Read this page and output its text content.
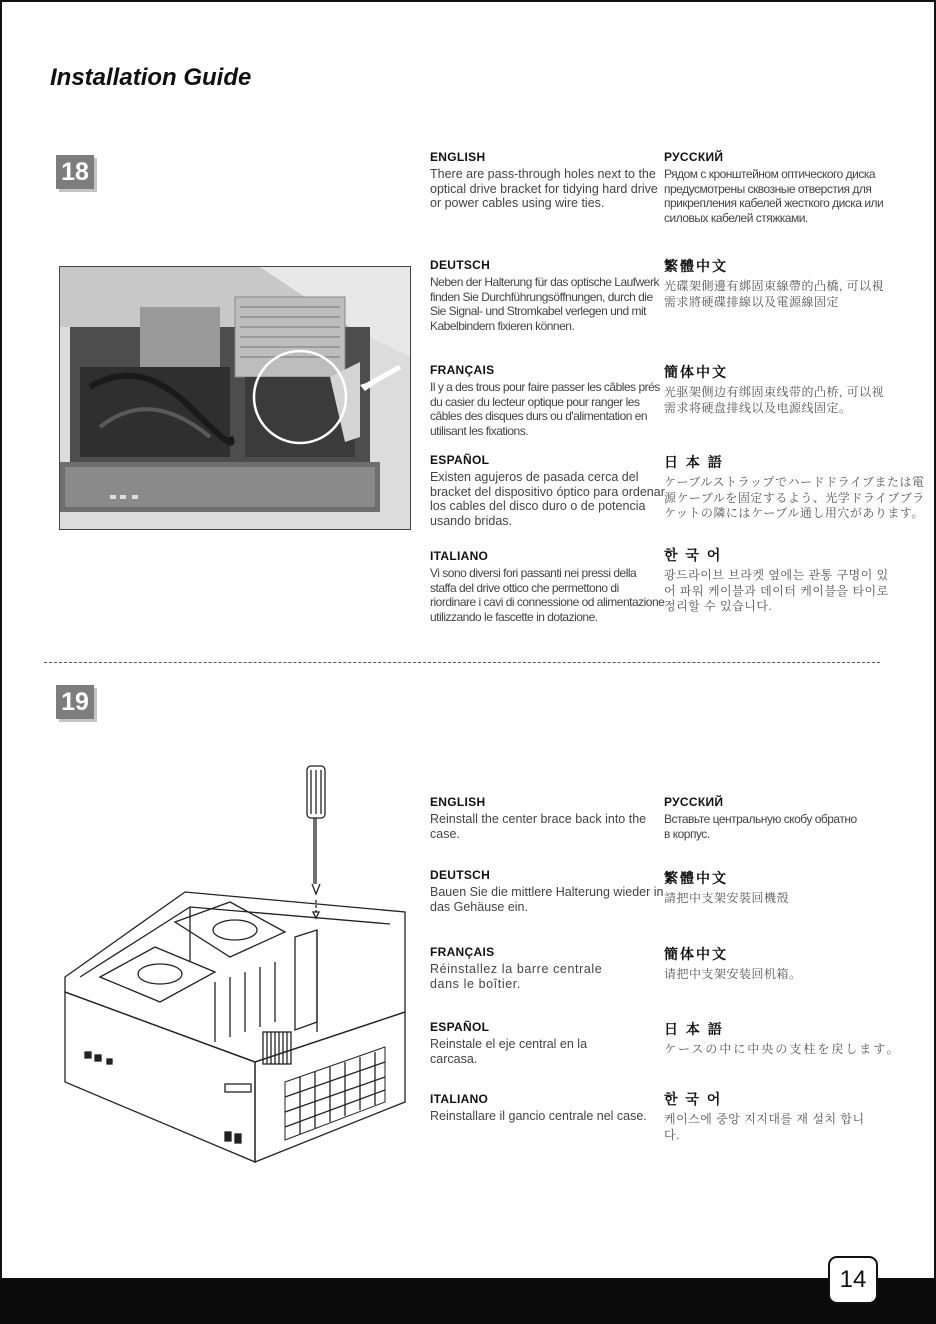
Installation Guide
18

ENGLISH

There are pass-through holes next to the optical drive bracket for tidying hard drive or power cables using wire ties.

DEUTSCH

Neben der Halterung für das optische Laufwerk finden Sie Durchführungsöffnungen, durch die Sie Signal- und Stromkabel verlegen und mit Kabelbindern fixieren können.

FRANÇAIS

Il y a des trous pour faire passer les câbles prés du casier du lecteur optique pour ranger les câbles des disques durs ou d'alimentation en utilisant les fixations.

ESPAÑOL

Existen agujeros de pasada cerca del bracket del dispositivo óptico para ordenar los cables del disco duro o de potencia usando bridas.

ITALIANO

Vi sono diversi fori passanti nei pressi della staffa del drive ottico che permettono di riordinare i cavi di connessione od alimentazione utilizzando le fascette in dotazione.

РУССКИЙ

Рядом с кронштейном оптического диска предусмотрены сквозные отверстия для прикрепления кабелей жесткого диска или силовых кабелей стяжками.

繁體中文

光碟架側邊有綁固束線帶的凸橋, 可以視需求將硬碟排線以及電源線固定

簡体中文

光驱架侧边有绑固束线带的凸桥, 可以视需求将硬盘排线以及电源线固定。

日 本 語

ケーブルストラップでハードドライブまたは電源ケーブルを固定するよう、光学ドライブブラケットの隣にはケーブル通し用穴があります。

한 국 어

광드라이브 브라켓 옆에는 관통 구명이 있어 파워 케이블과 데이터 케이블을 타이로 정리할 수 있습니다.

19

ENGLISH

Reinstall the center brace back into the case.

DEUTSCH

Bauen Sie die mittlere Halterung wieder in das Gehäuse ein.

FRANÇAIS

Réinstallez la barre centrale dans le boîtier.

ESPAÑOL

Reinstale el eje central en la carcasa.

ITALIANO

Reinstallare il gancio centrale nel case.

РУССКИЙ

Вставьте центральную скобу обратно в корпус.

繁體中文

請把中支架安裝回機殼

簡体中文

请把中支架安装回机箱。

日 本 語

ケースの中に中央の支柱を戻します。

한 국 어

케이스에 중앙 지지대를 재 설치 합니다.

14
